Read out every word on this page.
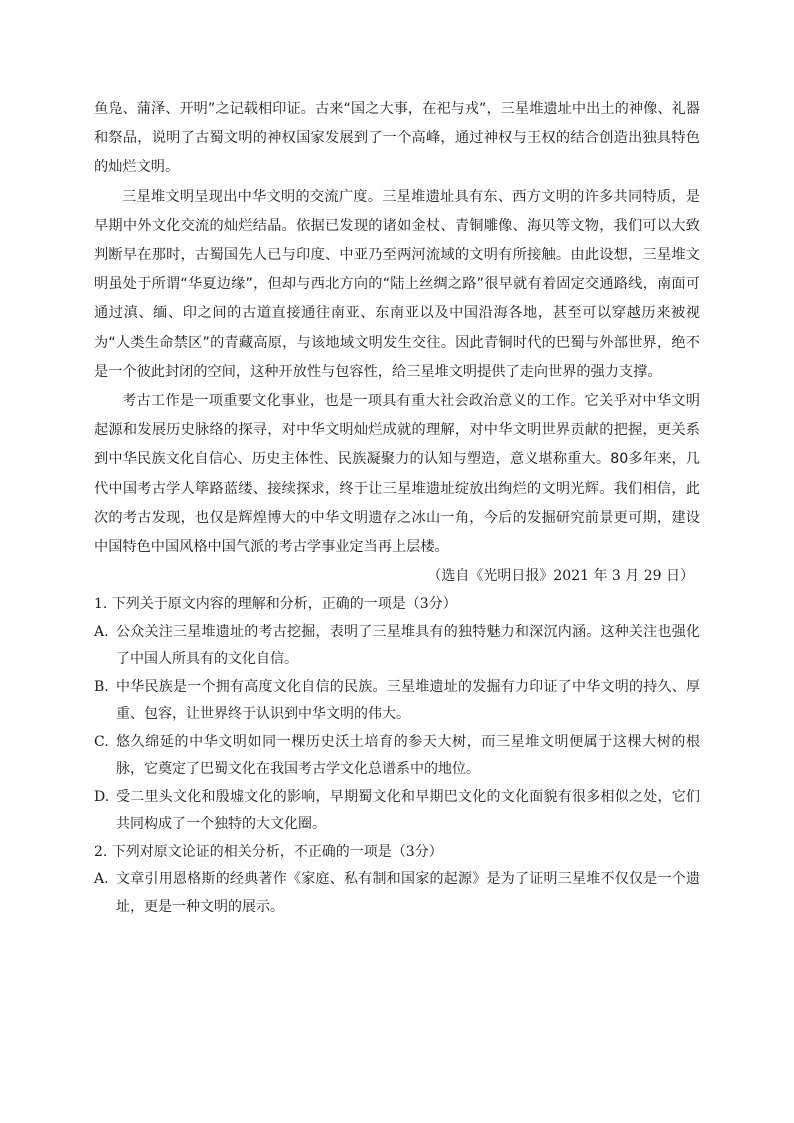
鱼凫、蒲泽、开明”之记载相印证。古来“国之大事，在祀与戎”，三星堆遗址中出土的神像、礼器和祭品，说明了古蜀文明的神权国家发展到了一个高峰，通过神权与王权的结合创造出独具特色的灿烂文明。

三星堆文明呈现出中华文明的交流广度。三星堆遗址具有东、西方文明的许多共同特质，是早期中外文化交流的灿烂结晶。依据已发现的诸如金杖、青铜雕像、海贝等文物，我们可以大致判断早在那时，古蜀国先人已与印度、中亚乃至两河流域的文明有所接触。由此设想，三星堆文明虽处于所谓“华夏边缘”，但却与西北方向的“陆上丝绸之路”很早就有着固定交通路线，南面可通过滇、缅、印之间的古道直接通往南亚、东南亚以及中国沿海各地，甚至可以穿越历来被视为“人类生命禁区”的青藏高原，与该地域文明发生交往。因此青铜时代的巴蜀与外部世界，绝不是一个彼此封闭的空间，这种开放性与包容性，给三星堆文明提供了走向世界的强力支撑。

考古工作是一项重要文化事业，也是一项具有重大社会政治意义的工作。它关乎对中华文明起源和发展历史脉络的探寻，对中华文明灿烂成就的理解，对中华文明世界贡献的把握，更关系到中华民族文化自信心、历史主体性、民族凝聚力的认知与塑造，意义堪称重大。80多年来，几代中国考古学人筚路蓝缕、接续探求，终于让三星堆遗址绽放出绚烂的文明光辉。我们相信，此次的考古发现，也仅是辉煌博大的中华文明遗存之冰山一角，今后的发掘研究前景更可期，建设中国特色中国风格中国气派的考古学事业定当再上层楼。

（选自《光明日报》2021 年 3 月 29 日）

1. 下列关于原文内容的理解和分析，正确的一项是（3分）

A. 公众关注三星堆遗址的考古挖掘，表明了三星堆具有的独特魅力和深沉内涵。这种关注也强化了中国人所具有的文化自信。
B. 中华民族是一个拥有高度文化自信的民族。三星堆遗址的发掘有力印证了中华文明的持久、厚重、包容，让世界终于认识到中华文明的伟大。
C. 悠久绵延的中华文明如同一棵历史沃土培育的参天大树，而三星堆文明便属于这棵大树的根脉，它奠定了巴蜀文化在我国考古学文化总谱系中的地位。
D. 受二里头文化和殷墟文化的影响，早期蜀文化和早期巴文化的文化面貌有很多相似之处，它们共同构成了一个独特的大文化圈。

2. 下列对原文论证的相关分析，不正确的一项是（3分）

A. 文章引用恩格斯的经典著作《家庭、私有制和国家的起源》是为了证明三星堆不仅仅是一个遗址，更是一种文明的展示。
